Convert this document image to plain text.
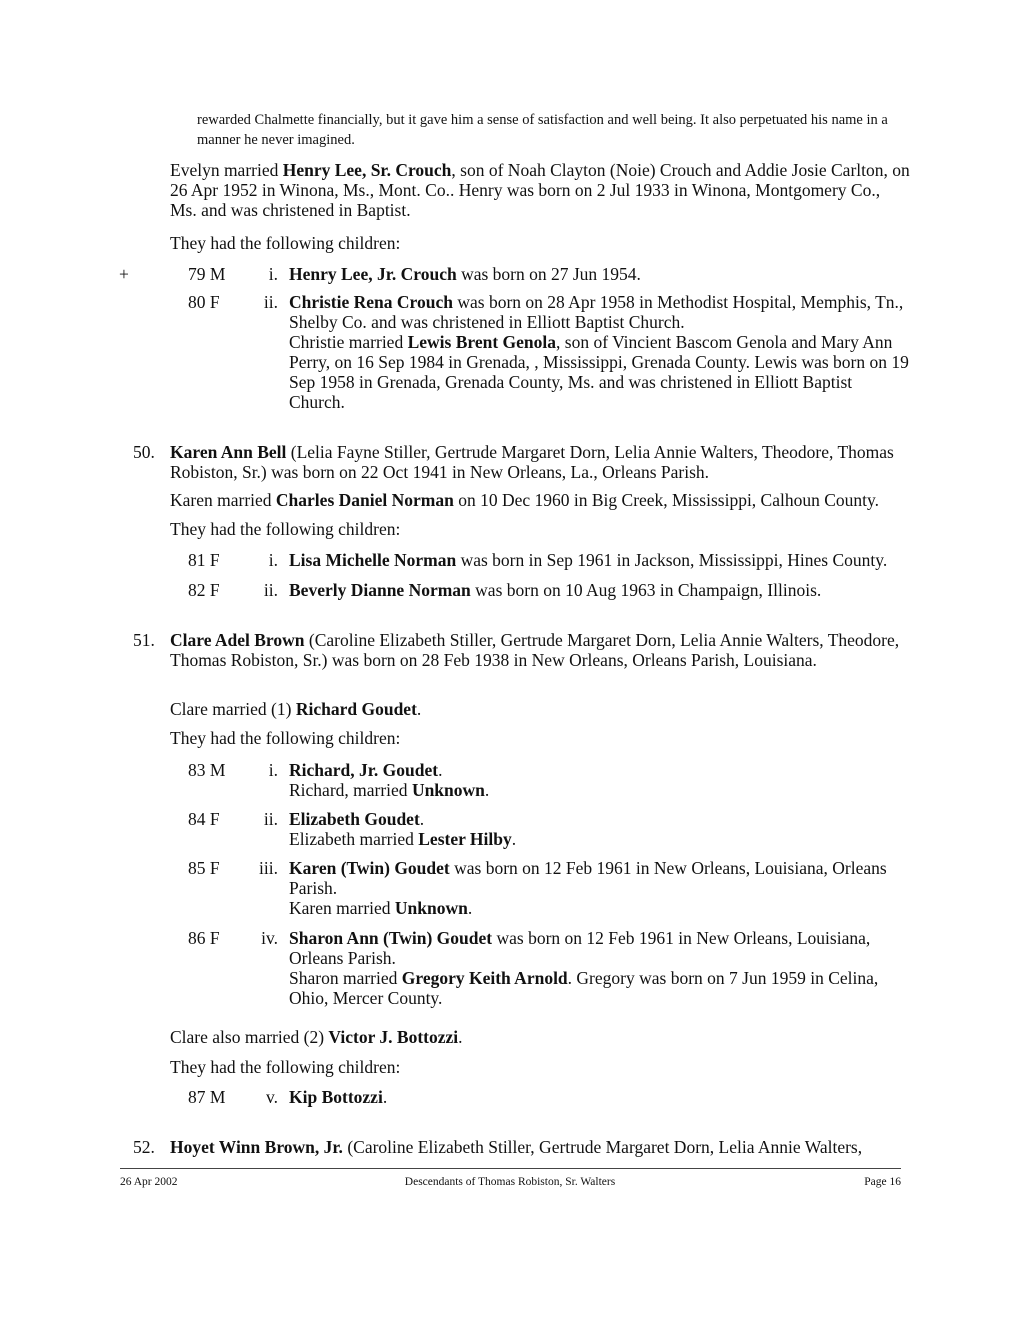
rewarded Chalmette financially, but it gave him a sense of satisfaction and well being. It also perpetuated his name in a manner he never imagined.
Evelyn married Henry Lee, Sr. Crouch, son of Noah Clayton (Noie) Crouch and Addie Josie Carlton, on 26 Apr 1952 in Winona, Ms., Mont. Co.. Henry was born on 2 Jul 1933 in Winona, Montgomery Co., Ms. and was christened in Baptist.
They had the following children:
+	79 M	i. Henry Lee, Jr. Crouch was born on 27 Jun 1954.
80 F	ii. Christie Rena Crouch was born on 28 Apr 1958 in Methodist Hospital, Memphis, Tn., Shelby Co. and was christened in Elliott Baptist Church.
Christie married Lewis Brent Genola, son of Vincient Bascom Genola and Mary Ann Perry, on 16 Sep 1984 in Grenada, , Mississippi, Grenada County. Lewis was born on 19 Sep 1958 in Grenada, Grenada County, Ms. and was christened in Elliott Baptist Church.
50. Karen Ann Bell (Lelia Fayne Stiller, Gertrude Margaret Dorn, Lelia Annie Walters, Theodore, Thomas Robiston, Sr.) was born on 22 Oct 1941 in New Orleans, La., Orleans Parish.
Karen married Charles Daniel Norman on 10 Dec 1960 in Big Creek, Mississippi, Calhoun County.
They had the following children:
81 F	i. Lisa Michelle Norman was born in Sep 1961 in Jackson, Mississippi, Hines County.
82 F	ii. Beverly Dianne Norman was born on 10 Aug 1963 in Champaign, Illinois.
51. Clare Adel Brown (Caroline Elizabeth Stiller, Gertrude Margaret Dorn, Lelia Annie Walters, Theodore, Thomas Robiston, Sr.) was born on 28 Feb 1938 in New Orleans, Orleans Parish, Louisiana.
Clare married (1) Richard Goudet.
They had the following children:
83 M	i. Richard, Jr. Goudet.
Richard, married Unknown.
84 F	ii. Elizabeth Goudet.
Elizabeth married Lester Hilby.
85 F	iii. Karen (Twin) Goudet was born on 12 Feb 1961 in New Orleans, Louisiana, Orleans Parish.
Karen married Unknown.
86 F	iv. Sharon Ann (Twin) Goudet was born on 12 Feb 1961 in New Orleans, Louisiana, Orleans Parish.
Sharon married Gregory Keith Arnold. Gregory was born on 7 Jun 1959 in Celina, Ohio, Mercer County.
Clare also married (2) Victor J. Bottozzi.
They had the following children:
87 M	v. Kip Bottozzi.
52. Hoyet Winn Brown, Jr. (Caroline Elizabeth Stiller, Gertrude Margaret Dorn, Lelia Annie Walters,
26 Apr 2002	Descendants of Thomas Robiston, Sr. Walters	Page 16
